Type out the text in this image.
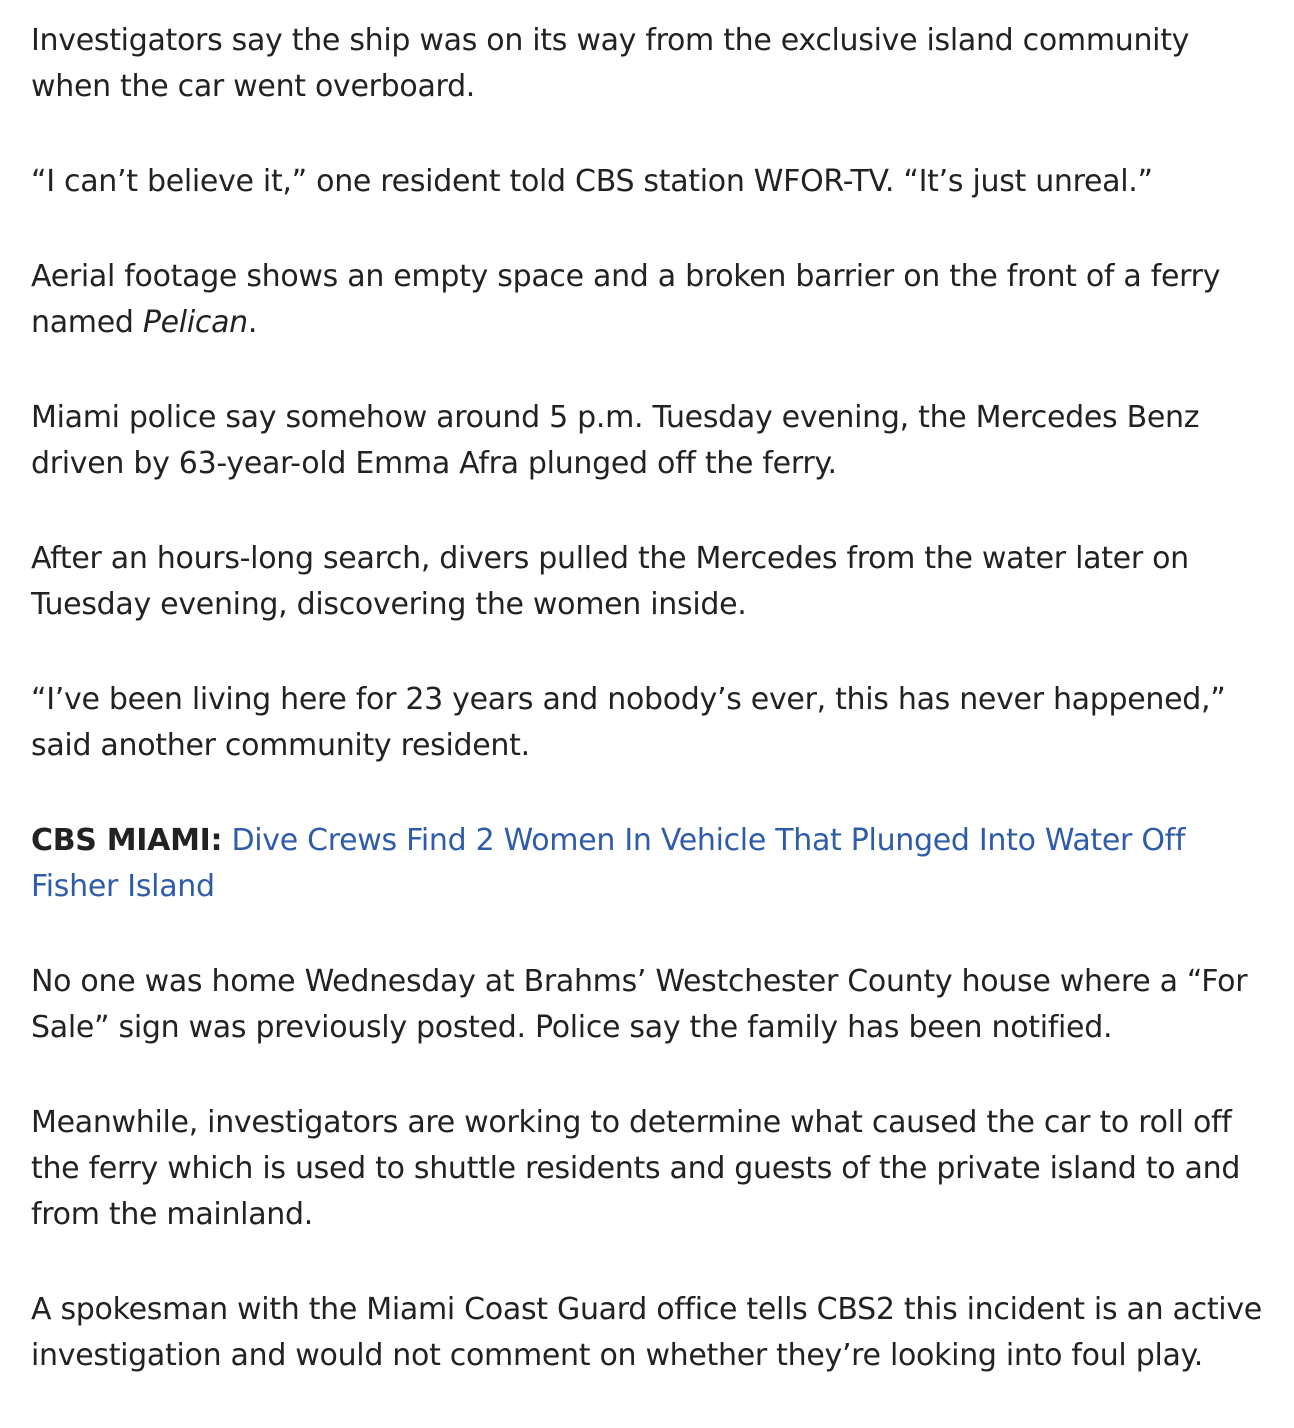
Investigators say the ship was on its way from the exclusive island community when the car went overboard.

“I can’t believe it,” one resident told CBS station WFOR-TV. “It’s just unreal.”

Aerial footage shows an empty space and a broken barrier on the front of a ferry named Pelican.

Miami police say somehow around 5 p.m. Tuesday evening, the Mercedes Benz driven by 63-year-old Emma Afra plunged off the ferry.

After an hours-long search, divers pulled the Mercedes from the water later on Tuesday evening, discovering the women inside.

“I’ve been living here for 23 years and nobody’s ever, this has never happened,” said another community resident.

CBS MIAMI: Dive Crews Find 2 Women In Vehicle That Plunged Into Water Off Fisher Island

No one was home Wednesday at Brahms’ Westchester County house where a “For Sale” sign was previously posted. Police say the family has been notified.

Meanwhile, investigators are working to determine what caused the car to roll off the ferry which is used to shuttle residents and guests of the private island to and from the mainland.

A spokesman with the Miami Coast Guard office tells CBS2 this incident is an active investigation and would not comment on whether they’re looking into foul play.
